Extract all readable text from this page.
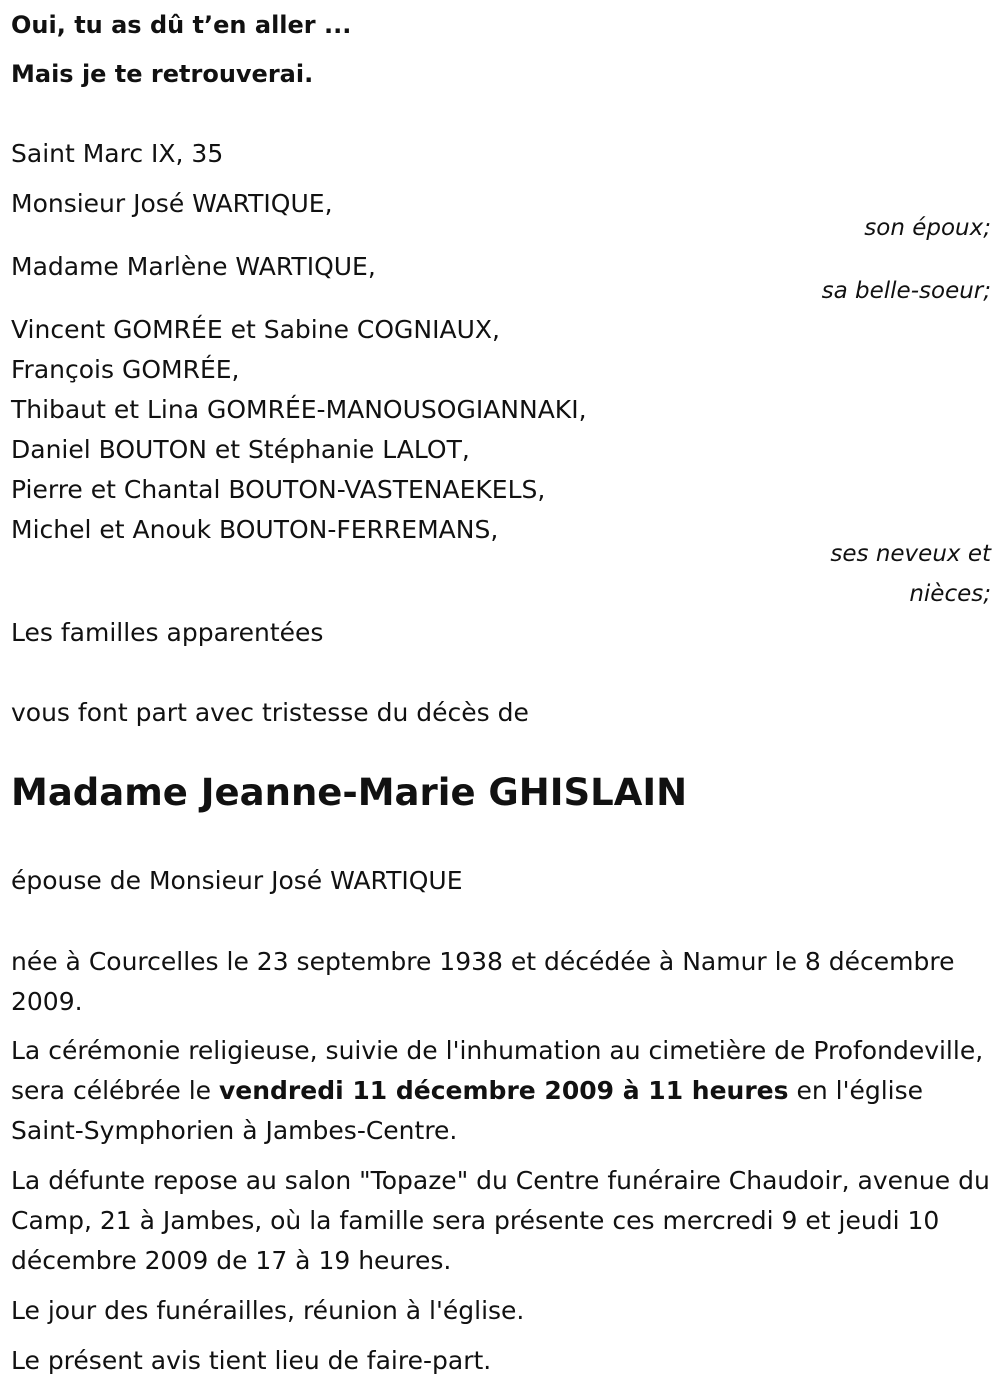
Oui, tu as dû t’en aller ...
Mais je te retrouverai.
Saint Marc IX, 35
Monsieur José WARTIQUE,
son époux;
Madame Marlène WARTIQUE,
sa belle-soeur;
Vincent GOMRÉE et Sabine COGNIAUX,
François GOMRÉE,
Thibaut et Lina GOMRÉE-MANOUSOGIANNAKI,
Daniel BOUTON et Stéphanie LALOT,
Pierre et Chantal BOUTON-VASTENAEKELS,
Michel et Anouk BOUTON-FERREMANS,
ses neveux et
nièces;
Les familles apparentées
vous font part avec tristesse du décès de
Madame Jeanne-Marie GHISLAIN
épouse de Monsieur José WARTIQUE
née à Courcelles le 23 septembre 1938 et décédée à Namur le 8 décembre 2009.
La cérémonie religieuse, suivie de l'inhumation au cimetière de Profondeville, sera célébrée le vendredi 11 décembre 2009 à 11 heures en l'église Saint-Symphorien à Jambes-Centre.
La défunte repose au salon "Topaze" du Centre funéraire Chaudoir, avenue du Camp, 21 à Jambes, où la famille sera présente ces mercredi 9 et jeudi 10 décembre 2009 de 17 à 19 heures.
Le jour des funérailles, réunion à l'église.
Le présent avis tient lieu de faire-part.
